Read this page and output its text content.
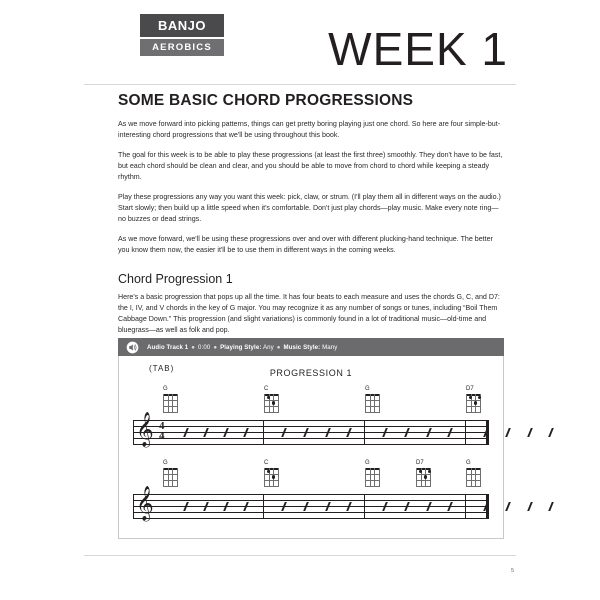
BANJO
AEROBICS	WEEK 1
SOME BASIC CHORD PROGRESSIONS

As we move forward into picking patterns, things can get pretty boring playing just one chord. So here are four simple-but-interesting chord progressions that we'll be using throughout this book.

The goal for this week is to be able to play these progressions (at least the first three) smoothly. They don't have to be fast, but each chord should be clean and clear, and you should be able to move from chord to chord while keeping a steady rhythm.

Play these progressions any way you want this week: pick, claw, or strum. (I'll play them all in different ways on the audio.) Start slowly; then build up a little speed when it's comfortable. Don't just play chords—play music. Make every note ring—no buzzes or dead strings.

As we move forward, we'll be using these progressions over and over with different plucking-hand technique. The better you know them now, the easier it'll be to use them in different ways in the coming weeks.

Chord Progression 1

Here's a basic progression that pops up all the time. It has four beats to each measure and uses the chords G, C, and D7: the I, IV, and V chords in the key of G major. You may recognize it as any number of songs or tunes, including “Boil Them Cabbage Down.” This progression (and slight variations) is commonly found in a lot of traditional music—old-time and bluegrass—as well as folk and pop.

Audio Track 1 ● 0:00 ● Playing Style: Any ● Music Style: Many
PROGRESSION 1
(TAB)
G	C	G	D7
𝄞 4
4
G	C	G	D7	G
𝄞
5
